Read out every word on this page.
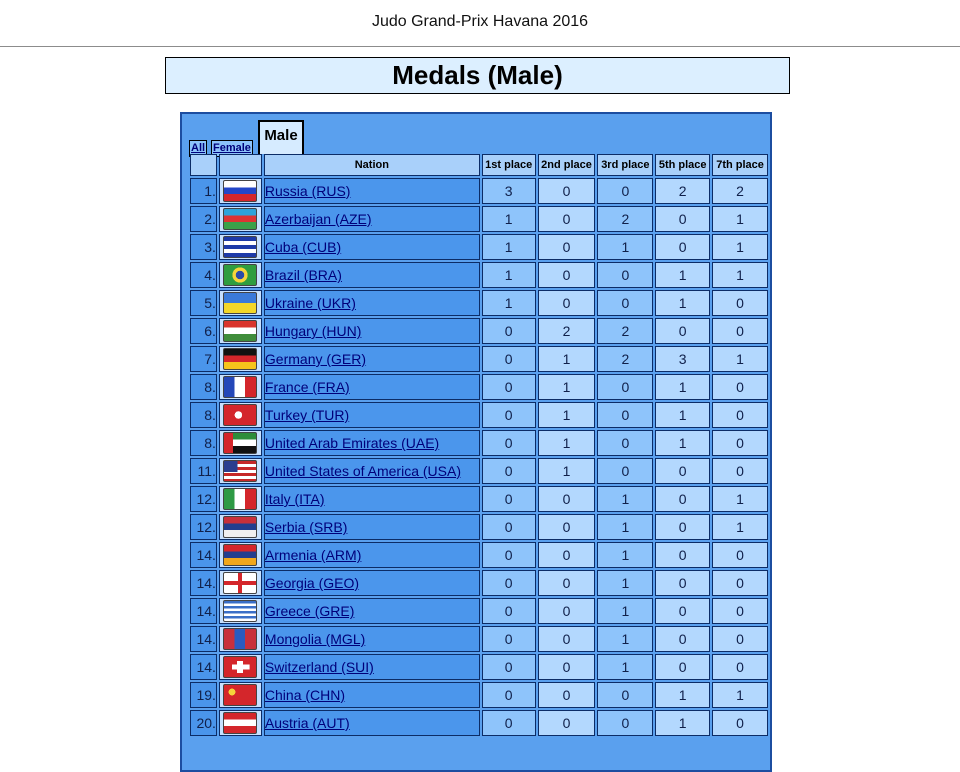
Judo Grand-Prix Havana 2016
Medals (Male)
All Female
Male
		Nation	1st place	2nd place	3rd place	5th place	7th place
1.		Russia (RUS)	3	0	0	2	2
2.		Azerbaijan (AZE)	1	0	2	0	1
3.		Cuba (CUB)	1	0	1	0	1
4.		Brazil (BRA)	1	0	0	1	1
5.		Ukraine (UKR)	1	0	0	1	0
6.		Hungary (HUN)	0	2	2	0	0
7.		Germany (GER)	0	1	2	3	1
8.		France (FRA)	0	1	0	1	0
8.		Turkey (TUR)	0	1	0	1	0
8.		United Arab Emirates (UAE)	0	1	0	1	0
11.		United States of America (USA)	0	1	0	0	0
12.		Italy (ITA)	0	0	1	0	1
12.		Serbia (SRB)	0	0	1	0	1
14.		Armenia (ARM)	0	0	1	0	0
14.		Georgia (GEO)	0	0	1	0	0
14.		Greece (GRE)	0	0	1	0	0
14.		Mongolia (MGL)	0	0	1	0	0
14.		Switzerland (SUI)	0	0	1	0	0
19.		China (CHN)	0	0	0	1	1
20.		Austria (AUT)	0	0	0	1	0
